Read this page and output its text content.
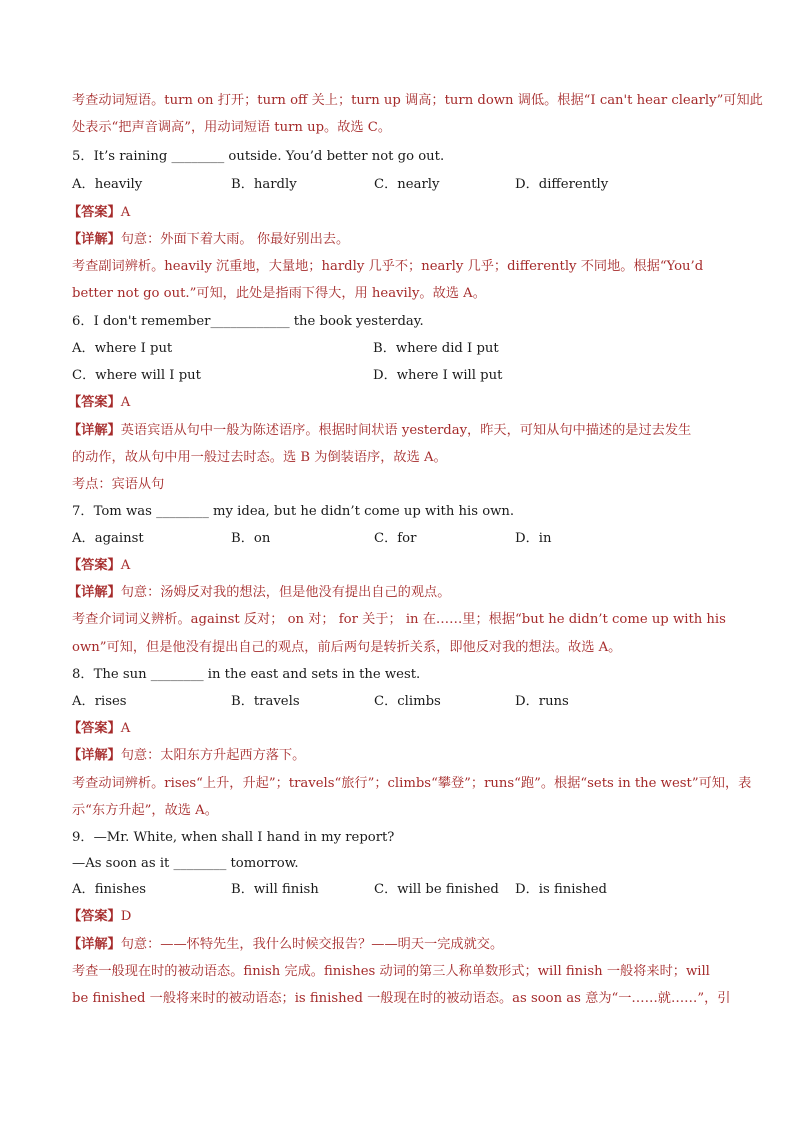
考查动词短语。turn on 打开；turn off 关上；turn up 调高；turn down 调低。根据“I can't hear clearly”可知此
处表示“把声音调高”，用动词短语 turn up。故选 C。
5．It’s raining ________ outside. You’d better not go out.
A．heavily	B．hardly	C．nearly	D．differently
【答案】A
【详解】句意：外面下着大雨。 你最好别出去。
考查副词辨析。heavily 沉重地，大量地；hardly 几乎不；nearly 几乎；differently 不同地。根据“You’d
better not go out.”可知，此处是指雨下得大，用 heavily。故选 A。
6．I don't remember____________ the book yesterday.
A．where I put	B．where did I put
C．where will I put	D．where I will put
【答案】A
【详解】英语宾语从句中一般为陈述语序。根据时间状语 yesterday，昨天，可知从句中描述的是过去发生
的动作，故从句中用一般过去时态。选 B 为倒装语序，故选 A。
考点：宾语从句
7．Tom was ________ my idea, but he didn’t come up with his own.
A．against	B．on	C．for	D．in
【答案】A
【详解】句意：汤姆反对我的想法，但是他没有提出自己的观点。
考查介词词义辨析。against 反对； on 对； for 关于； in 在……里；根据“but he didn’t come up with his
own”可知，但是他没有提出自己的观点，前后两句是转折关系，即他反对我的想法。故选 A。
8．The sun ________ in the east and sets in the west.
A．rises	B．travels	C．climbs	D．runs
【答案】A
【详解】句意：太阳东方升起西方落下。
考查动词辨析。rises“上升，升起”；travels“旅行”；climbs“攀登”；runs“跑”。根据“sets in the west”可知，表
示“东方升起”，故选 A。
9．—Mr. White, when shall I hand in my report?
—As soon as it ________ tomorrow.
A．finishes	B．will finish	C．will be finished D．is finished
【答案】D
【详解】句意：——怀特先生，我什么时候交报告？——明天一完成就交。
考查一般现在时的被动语态。finish 完成。finishes 动词的第三人称单数形式；will finish 一般将来时；will
be finished 一般将来时的被动语态；is finished 一般现在时的被动语态。as soon as 意为“一……就……”，引
